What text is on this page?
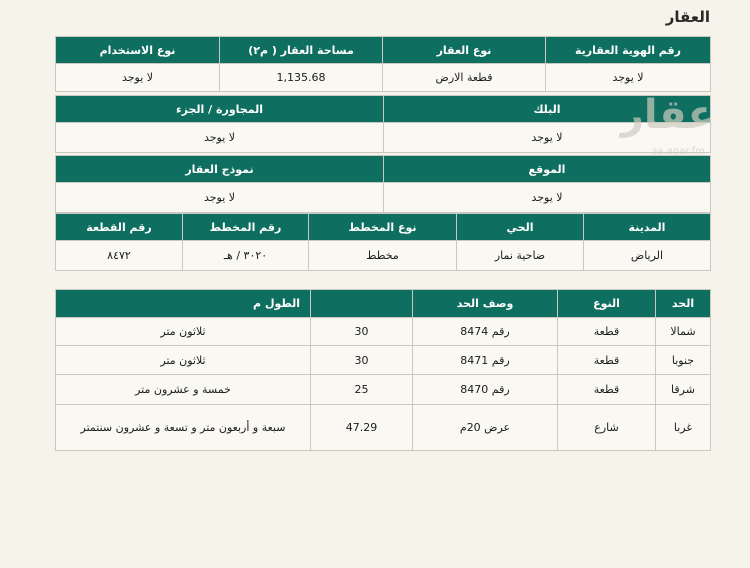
العقار
رقم الهوية العقارية	نوع العقار	مساحة العقار ( م٢)	نوع الاستخدام
لا يوجد	قطعة الارض	1,135.68	لا يوجد
البلك	المجاورة / الجزء
لا يوجد	لا يوجد
الموقع	نموذج العقار
لا يوجد	لا يوجد
المدينة	الحي	نوع المخطط	رقم المخطط	رقم القطعة
الرياض	ضاحية نمار	مخطط	٣٠٢٠ / هـ	٨٤٧٢
الحد	النوع	وصف الحد		الطول م
شمالا	قطعة	رقم 8474	30	ثلاثون متر
جنوبا	قطعة	رقم 8471	30	ثلاثون متر
شرقا	قطعة	رقم 8470	25	خمسة و عشرون متر
غربا	شارع	عرض 20م	47.29	سبعة و أربعون متر و تسعة و عشرون سنتمتر
عقار
sa.aqar.fm
